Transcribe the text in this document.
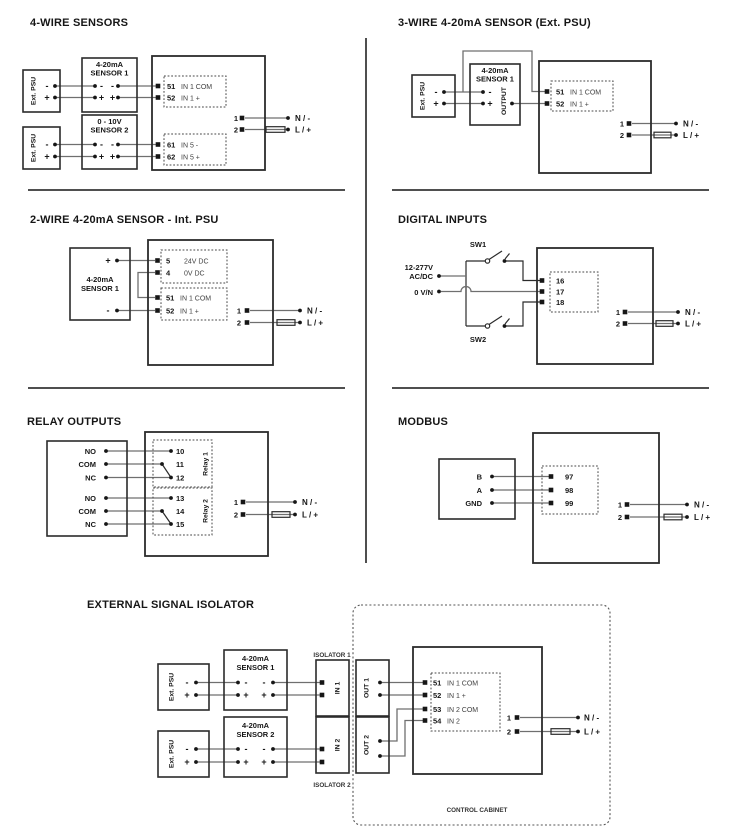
4-WIRE SENSORS
Ext. PSU
Ext. PSU
-
+
-
+
4-20mA
SENSOR 1
- -
+ +
0 - 10V
SENSOR 2
- -
+ +
51 IN 1 COM
52 IN 1 +
61 IN 5 -
62 IN 5 +
1
2
N / -
L / +
3-WIRE 4-20mA SENSOR (Ext. PSU)
Ext. PSU -
+
4-20mA
SENSOR 1
-
+ OUTPUT	51 IN 1 COM
52 IN 1 +
1
2
N / -
L / +
2-WIRE 4-20mA SENSOR - Int. PSU
4-20mA
SENSOR 1
+
-
5 24V DC
4 0V DC
51 IN 1 COM
52 IN 1 +	1
2
N / -
L / +
DIGITAL INPUTS
SW1
SW2
12-277V
AC/DC
0 V/N
16
17
18
1
2
N / -
L / +
RELAY OUTPUTS
NO
COM
NC
NO
COM
NC
10
11
12
13
14
15
Relay 1
Relay 2	1
2
N / -
L / +
MODBUS
B
A
GND
97
98
99	1
2
N / -
L / +
EXTERNAL SIGNAL ISOLATOR
Ext. PSU
Ext. PSU
-
+
-
+
4-20mA
SENSOR 1
- -
+ +
4-20mA
SENSOR 2
- -
+ +
ISOLATOR 1
ISOLATOR 2
IN 1
IN 2
OUT 1
OUT 2
51 IN 1 COM
52 IN 1 +
53 IN 2 COM
54 IN 2	1
2
N / -
L / +
CONTROL CABINET
